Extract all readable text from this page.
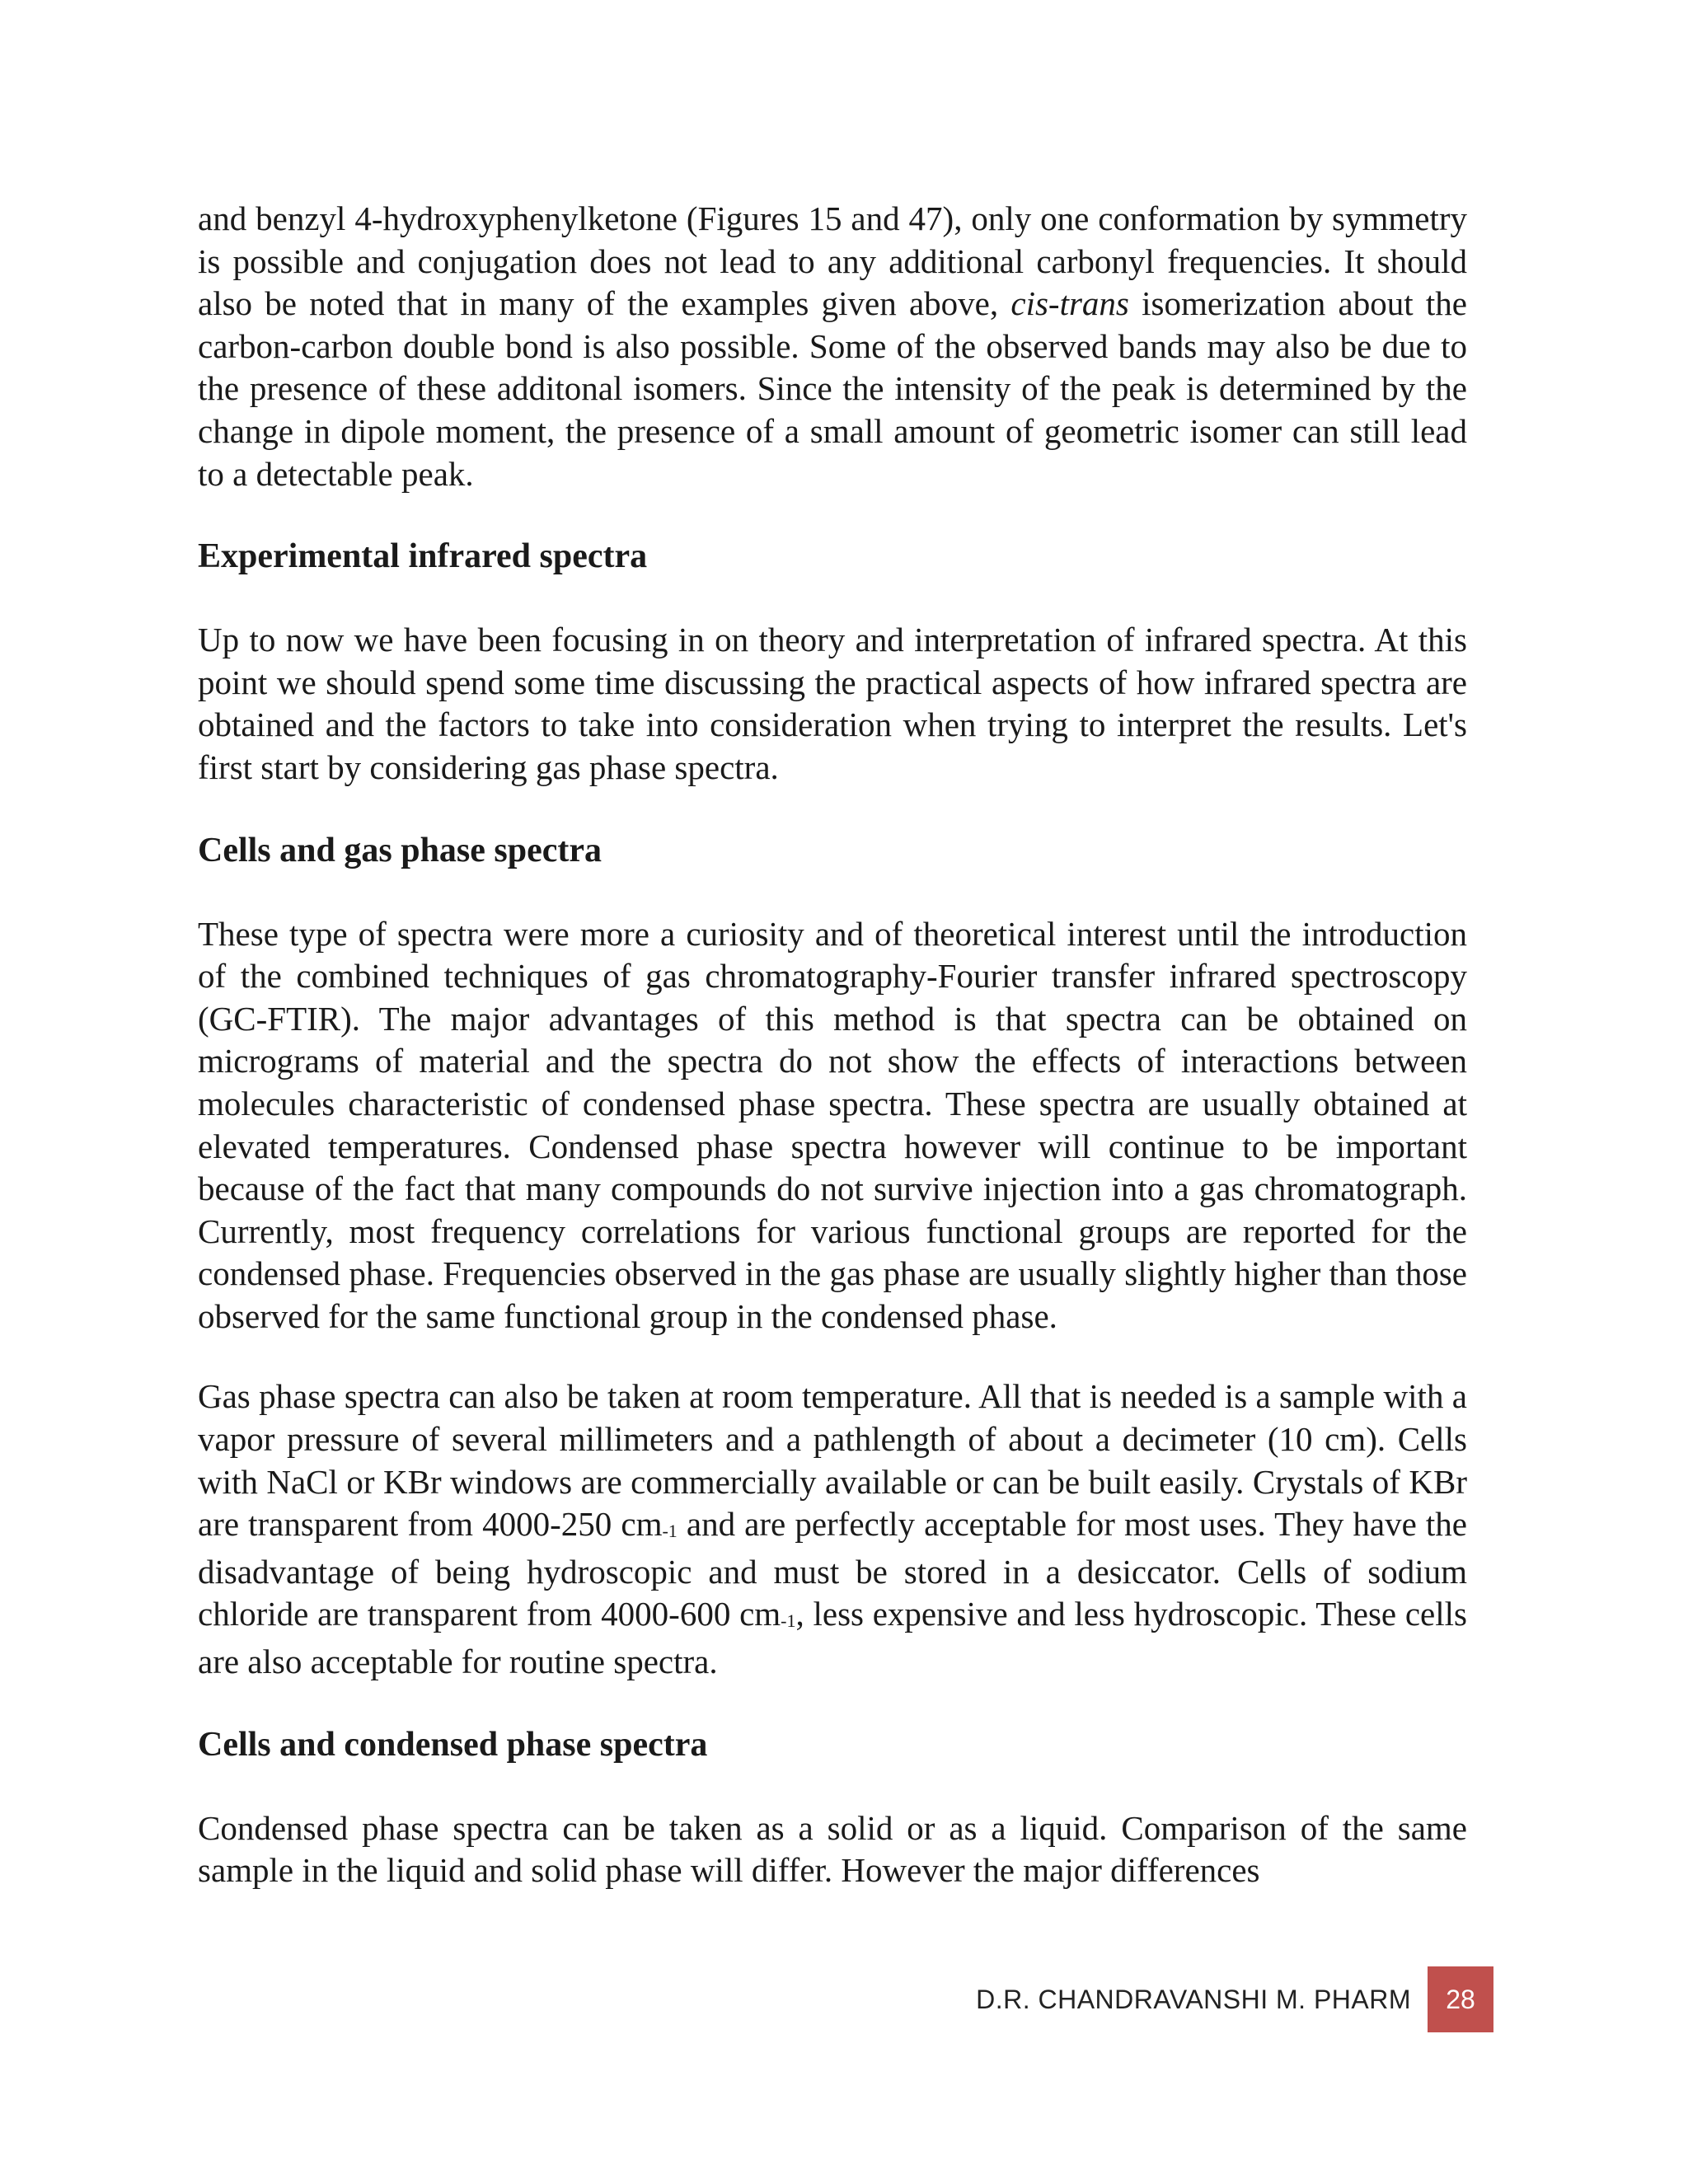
and benzyl 4-hydroxyphenylketone (Figures 15 and 47), only one conformation by symmetry is possible and conjugation does not lead to any additional carbonyl frequencies. It should also be noted that in many of the examples given above, cis-trans isomerization about the carbon-carbon double bond is also possible. Some of the observed bands may also be due to the presence of these additonal isomers. Since the intensity of the peak is determined by the change in dipole moment, the presence of a small amount of geometric isomer can still lead to a detectable peak.

Experimental infrared spectra

Up to now we have been focusing in on theory and interpretation of infrared spectra. At this point we should spend some time discussing the practical aspects of how infrared spectra are obtained and the factors to take into consideration when trying to interpret the results. Let's first start by considering gas phase spectra.

Cells and gas phase spectra

These type of spectra were more a curiosity and of theoretical interest until the introduction of the combined techniques of gas chromatography-Fourier transfer infrared spectroscopy (GC-FTIR). The major advantages of this method is that spectra can be obtained on micrograms of material and the spectra do not show the effects of interactions between molecules characteristic of condensed phase spectra. These spectra are usually obtained at elevated temperatures. Condensed phase spectra however will continue to be important because of the fact that many compounds do not survive injection into a gas chromatograph. Currently, most frequency correlations for various functional groups are reported for the condensed phase. Frequencies observed in the gas phase are usually slightly higher than those observed for the same functional group in the condensed phase.

Gas phase spectra can also be taken at room temperature. All that is needed is a sample with a vapor pressure of several millimeters and a pathlength of about a decimeter (10 cm). Cells with NaCl or KBr windows are commercially available or can be built easily. Crystals of KBr are transparent from 4000-250 $cm^{-1}$ and are perfectly acceptable for most uses. They have the disadvantage of being hydroscopic and must be stored in a desiccator. Cells of sodium chloride are transparent from 4000-600 $cm^{-1}$, less expensive and less hydroscopic. These cells are also acceptable for routine spectra.

Cells and condensed phase spectra

Condensed phase spectra can be taken as a solid or as a liquid. Comparison of the same sample in the liquid and solid phase will differ. However the major differences

D.R. CHANDRAVANSHI M. PHARM	28
